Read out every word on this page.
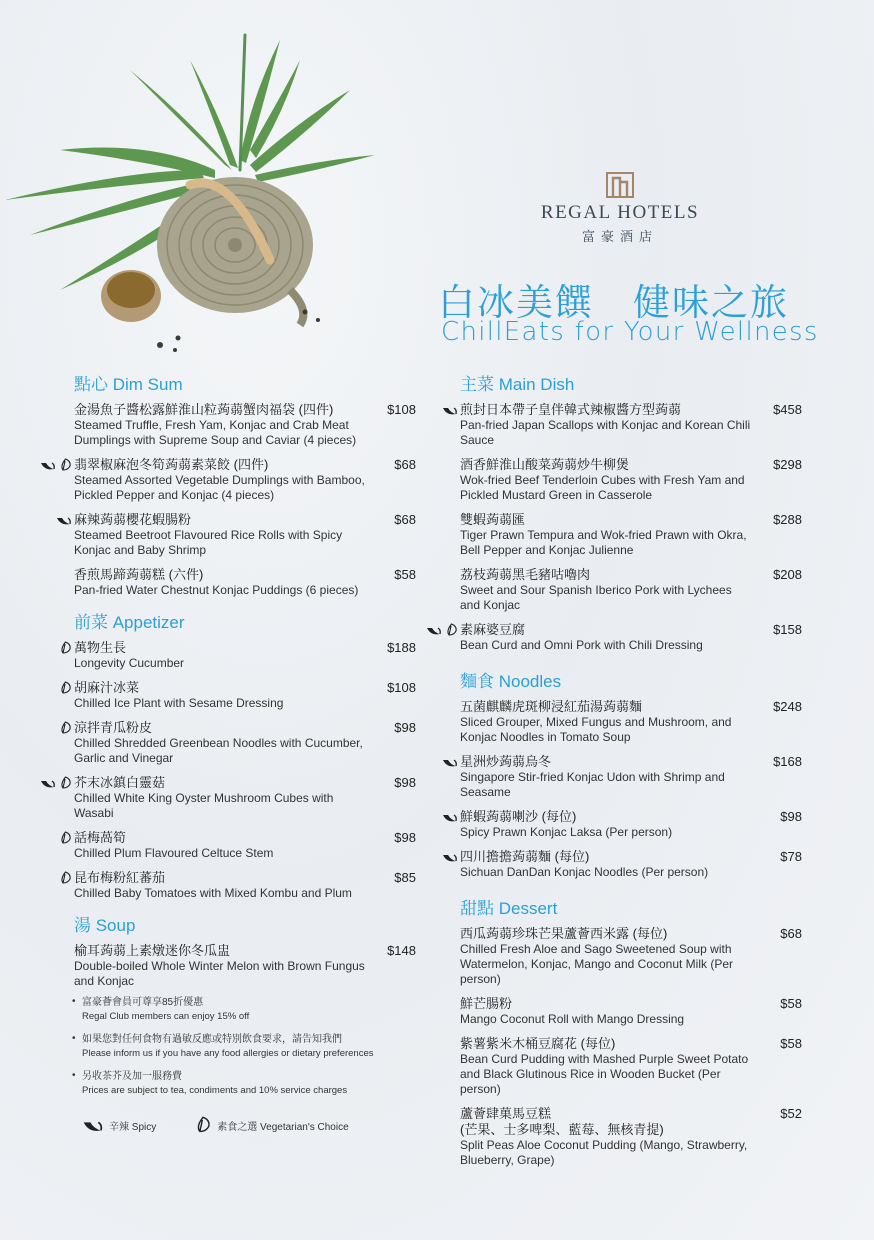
REGAL HOTELS
富豪酒店
白冰美饌　健味之旅
ChillEats for Your Wellness
點心 Dim Sum
金湯魚子醬松露鮮淮山粒蒟蒻蟹肉福袋 (四件)
Steamed Truffle, Fresh Yam, Konjac and Crab Meat Dumplings with Supreme Soup and Caviar (4 pieces)
$108
翡翠椒麻泡冬筍蒟蒻素菜餃 (四件)
Steamed Assorted Vegetable Dumplings with Bamboo, Pickled Pepper and Konjac (4 pieces)
$68
麻辣蒟蒻櫻花蝦腸粉
Steamed Beetroot Flavoured Rice Rolls with Spicy Konjac and Baby Shrimp
$68
香煎馬蹄蒟蒻糕 (六件)
Pan-fried Water Chestnut Konjac Puddings (6 pieces)
$58
前菜 Appetizer
萬物生長
Longevity Cucumber
$188
胡麻汁冰菜
Chilled Ice Plant with Sesame Dressing
$108
涼拌青瓜粉皮
Chilled Shredded Greenbean Noodles with Cucumber, Garlic and Vinegar
$98
芥末冰鎮白靈菇
Chilled White King Oyster Mushroom Cubes with Wasabi
$98
話梅萵筍
Chilled Plum Flavoured Celtuce Stem
$98
昆布梅粉紅蕃茄
Chilled Baby Tomatoes with Mixed Kombu and Plum
$85
湯 Soup
榆耳蒟蒻上素燉迷你冬瓜盅
Double-boiled Whole Winter Melon with Brown Fungus and Konjac
$148
主菜 Main Dish
煎封日本帶子皇伴韓式辣椒醬方型蒟蒻
Pan-fried Japan Scallops with Konjac and Korean Chili Sauce
$458
酒香鮮淮山酸菜蒟蒻炒牛柳煲
Wok-fried Beef Tenderloin Cubes with Fresh Yam and Pickled Mustard Green in Casserole
$298
雙蝦蒟蒻匯
Tiger Prawn Tempura and Wok-fried Prawn with Okra, Bell Pepper and Konjac Julienne
$288
荔枝蒟蒻黑毛豬咕嚕肉
Sweet and Sour Spanish Iberico Pork with Lychees and Konjac
$208
素麻婆豆腐
Bean Curd and Omni Pork with Chili Dressing
$158
麵食 Noodles
五菌麒麟虎斑柳浸紅茄湯蒟蒻麵
Sliced Grouper, Mixed Fungus and Mushroom, and Konjac Noodles in Tomato Soup
$248
星洲炒蒟蒻烏冬
Singapore Stir-fried Konjac Udon with Shrimp and Seasame
$168
鮮蝦蒟蒻喇沙 (每位)
Spicy Prawn Konjac Laksa (Per person)
$98
四川擔擔蒟蒻麵 (每位)
Sichuan DanDan Konjac Noodles (Per person)
$78
甜點 Dessert
西瓜蒟蒻珍珠芒果蘆薈西米露 (每位)
Chilled Fresh Aloe and Sago Sweetened Soup with Watermelon, Konjac, Mango and Coconut Milk (Per person)
$68
鮮芒腸粉
Mango Coconut Roll with Mango Dressing
$58
紫薯紫米木桶豆腐花 (每位)
Bean Curd Pudding with Mashed Purple Sweet Potato and Black Glutinous Rice in Wooden Bucket (Per person)
$58
蘆薈肆菓馬豆糕
(芒果、士多啤梨、藍莓、無核青提)
Split Peas Aloe Coconut Pudding (Mango, Strawberry, Blueberry, Grape)
$52
• 富豪薈會員可尊享85折優惠
Regal Club members can enjoy 15% off
• 如果您對任何食物有過敏反應或特別飲食要求，請告知我們
Please inform us if you have any food allergies or dietary preferences
• 另收茶芥及加一服務費
Prices are subject to tea, condiments and 10% service charges
辛辣 Spicy	素食之選 Vegetarian's Choice
